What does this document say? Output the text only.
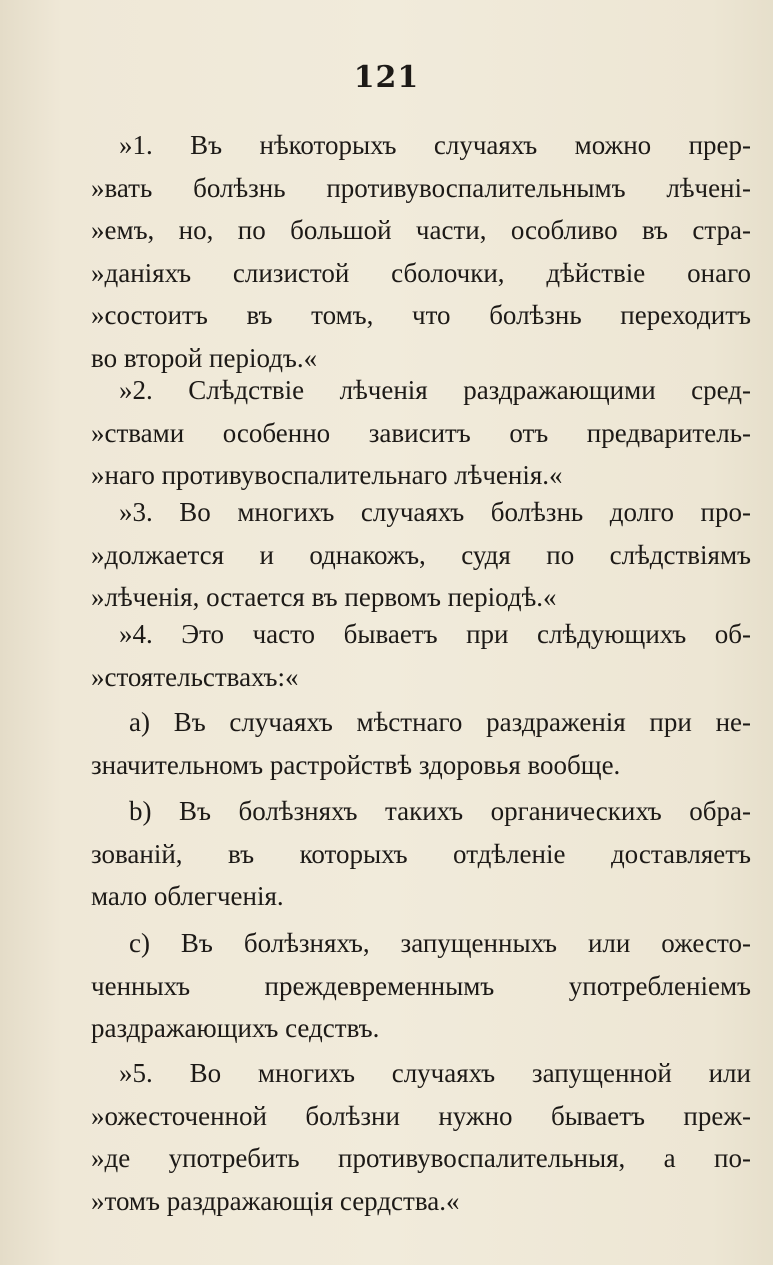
121
»1. Въ нѣкоторыхъ случаяхъ можно прер-
»вать болѣзнь противувоспалительнымъ лѣчені-
»емъ, но, по большой части, особливо въ стра-
»даніяхъ слизистой сболочки, дѣйствіе онаго
»состоитъ въ томъ, что болѣзнь переходитъ
во второй періодъ.«
»2. Слѣдствіе лѣченія раздражающими сред-
»ствами особенно зависитъ отъ предваритель-
»наго противувоспалительнаго лѣченія.«
»3. Во многихъ случаяхъ болѣзнь долго про-
»должается и однакожъ, судя по слѣдствіямъ
»лѣченія, остается въ первомъ періодѣ.«
»4. Это часто бываетъ при слѣдующихъ об-
»стоятельствахъ:«
a) Въ случаяхъ мѣстнаго раздраженія при не-
значительномъ растройствѣ здоровья вообще.
b) Въ болѣзняхъ такихъ органическихъ обра-
зованій, въ которыхъ отдѣленіе доставляетъ
мало облегченія.
c) Въ болѣзняхъ, запущенныхъ или ожесто-
ченныхъ преждевременнымъ употребленіемъ
раздражающихъ седствъ.
»5. Во многихъ случаяхъ запущенной или
»ожесточенной болѣзни нужно бываетъ преж-
»де употребить противувоспалительныя, а по-
»томъ раздражающія сердства.«
